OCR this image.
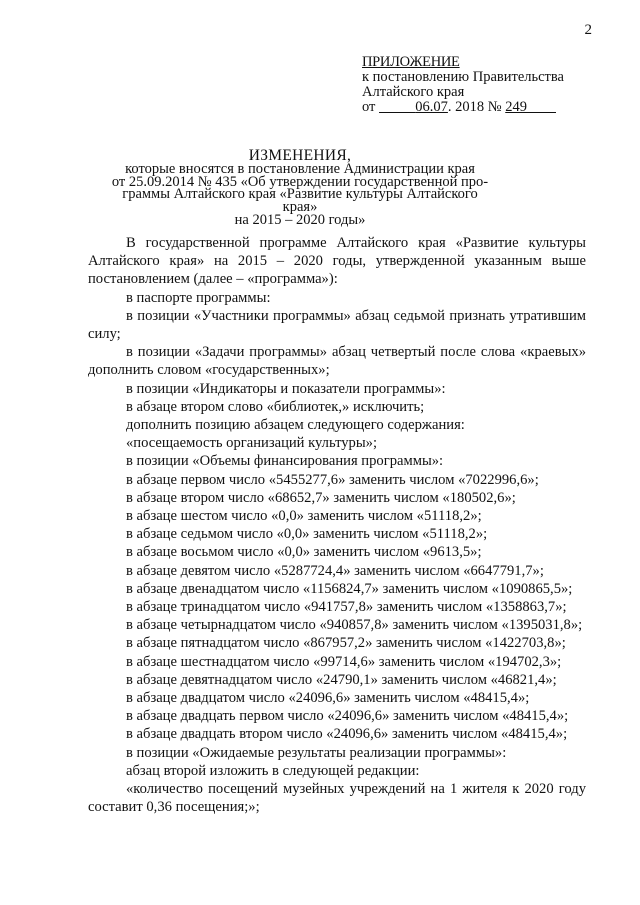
2
ПРИЛОЖЕНИЕ
к постановлению Правительства
Алтайского края
от	06.07. 2018 № 249
ИЗМЕНЕНИЯ,
которые вносятся в постановление Администрации края
от 25.09.2014 № 435 «Об утверждении государственной про-
граммы Алтайского края «Развитие культуры Алтайского края»
на 2015 – 2020 годы»

В государственной программе Алтайского края «Развитие культуры Алтайского края» на 2015 – 2020 годы, утвержденной указанным выше постановлением (далее – «программа»):

в паспорте программы:

в позиции «Участники программы» абзац седьмой признать утратившим силу;

в позиции «Задачи программы» абзац четвертый после слова «краевых» дополнить словом «государственных»;

в позиции «Индикаторы и показатели программы»:

в абзаце втором слово «библиотек,» исключить;

дополнить позицию абзацем следующего содержания:

«посещаемость организаций культуры»;

в позиции «Объемы финансирования программы»:

в абзаце первом число «5455277,6» заменить числом «7022996,6»;

в абзаце втором число «68652,7» заменить числом «180502,6»;

в абзаце шестом число «0,0» заменить числом «51118,2»;

в абзаце седьмом число «0,0» заменить числом «51118,2»;

в абзаце восьмом число «0,0» заменить числом «9613,5»;

в абзаце девятом число «5287724,4» заменить числом «6647791,7»;

в абзаце двенадцатом число «1156824,7» заменить числом «1090865,5»;

в абзаце тринадцатом число «941757,8» заменить числом «1358863,7»;

в абзаце четырнадцатом число «940857,8» заменить числом «1395031,8»;

в абзаце пятнадцатом число «867957,2» заменить числом «1422703,8»;

в абзаце шестнадцатом число «99714,6» заменить числом «194702,3»;

в абзаце девятнадцатом число «24790,1» заменить числом «46821,4»;

в абзаце двадцатом число «24096,6» заменить числом «48415,4»;

в абзаце двадцать первом число «24096,6» заменить числом «48415,4»;

в абзаце двадцать втором число «24096,6» заменить числом «48415,4»;

в позиции «Ожидаемые результаты реализации программы»:

абзац второй изложить в следующей редакции:

«количество посещений музейных учреждений на 1 жителя к 2020 году составит 0,36 посещения;»;
